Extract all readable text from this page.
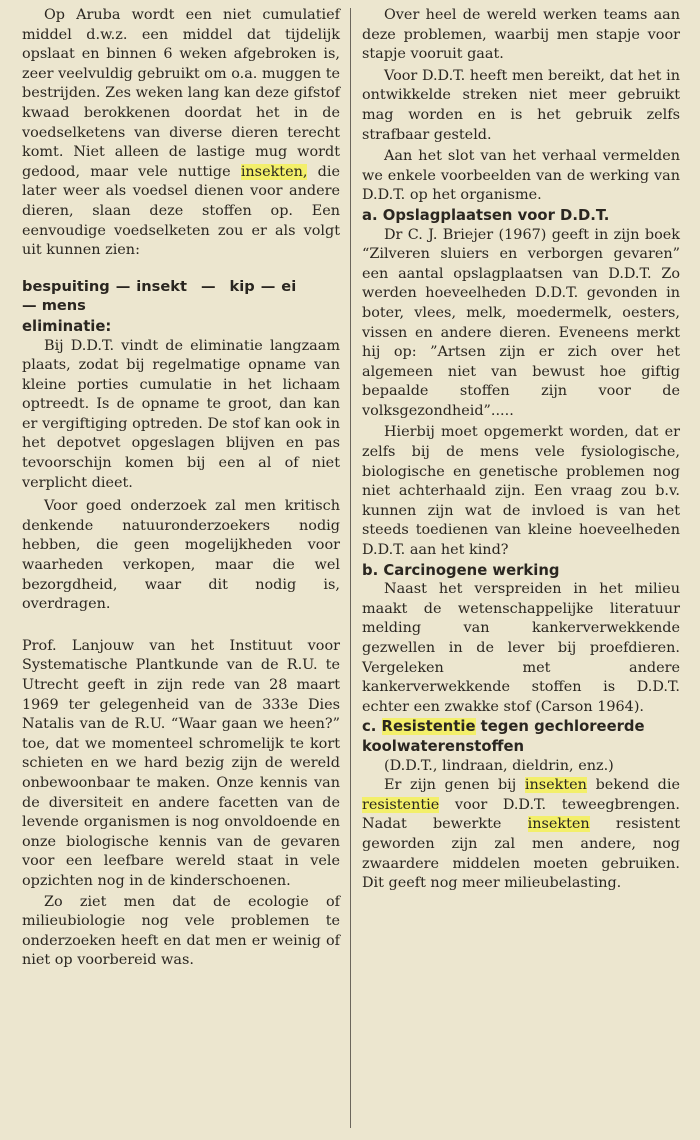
Op Aruba wordt een niet cumulatief middel d.w.z. een middel dat tijdelijk opslaat en binnen 6 weken afgebroken is, zeer veelvuldig gebruikt om o.a. muggen te bestrijden. Zes weken lang kan deze gifstof kwaad berokkenen doordat het in de voedselketens van diverse dieren terecht komt. Niet alleen de lastige mug wordt gedood, maar vele nuttige insekten, die later weer als voedsel dienen voor andere dieren, slaan deze stoffen op. Een eenvoudige voedselketen zou er als volgt uit kunnen zien:

bespuiting — insekt — kip — ei
— mens
eliminatie:

Bij D.D.T. vindt de eliminatie langzaam plaats, zodat bij regelmatige opname van kleine porties cumulatie in het lichaam optreedt. Is de opname te groot, dan kan er vergiftiging optreden. De stof kan ook in het depotvet opgeslagen blijven en pas tevoorschijn komen bij een al of niet verplicht dieet.

Voor goed onderzoek zal men kritisch denkende natuuronderzoekers nodig hebben, die geen mogelijkheden voor waarheden verkopen, maar die wel bezorgdheid, waar dit nodig is, overdragen.

Prof. Lanjouw van het Instituut voor Systematische Plantkunde van de R.U. te Utrecht geeft in zijn rede van 28 maart 1969 ter gelegenheid van de 333e Dies Natalis van de R.U. “Waar gaan we heen?” toe, dat we momenteel schromelijk te kort schieten en we hard bezig zijn de wereld onbewoonbaar te maken. Onze kennis van de diversiteit en andere facetten van de levende organismen is nog onvoldoende en onze biologische kennis van de gevaren voor een leefbare wereld staat in vele opzichten nog in de kinderschoenen.

Zo ziet men dat de ecologie of milieubiologie nog vele problemen te onderzoeken heeft en dat men er weinig of niet op voorbereid was.

Over heel de wereld werken teams aan deze problemen, waarbij men stapje voor stapje vooruit gaat.

Voor D.D.T. heeft men bereikt, dat het in ontwikkelde streken niet meer gebruikt mag worden en is het gebruik zelfs strafbaar gesteld.

Aan het slot van het verhaal vermelden we enkele voorbeelden van de werking van D.D.T. op het organisme.

a. Opslagplaatsen voor D.D.T.

Dr C. J. Briejer (1967) geeft in zijn boek “Zilveren sluiers en verborgen gevaren” een aantal opslagplaatsen van D.D.T. Zo werden hoeveelheden D.D.T. gevonden in boter, vlees, melk, moedermelk, oesters, vissen en andere dieren. Eveneens merkt hij op: ”Artsen zijn er zich over het algemeen niet van bewust hoe giftig bepaalde stoffen zijn voor de volksgezondheid”.....

Hierbij moet opgemerkt worden, dat er zelfs bij de mens vele fysiologische, biologische en genetische problemen nog niet achterhaald zijn. Een vraag zou b.v. kunnen zijn wat de invloed is van het steeds toedienen van kleine hoeveelheden D.D.T. aan het kind?

b. Carcinogene werking

Naast het verspreiden in het milieu maakt de wetenschappelijke literatuur melding van kankerverwekkende gezwellen in de lever bij proefdieren. Vergeleken met andere kankerverwekkende stoffen is D.D.T. echter een zwakke stof (Carson 1964).

c. Resistentie tegen gechloreerde koolwaterenstoffen

(D.D.T., lindraan, dieldrin, enz.)

Er zijn genen bij insekten bekend die resistentie voor D.D.T. teweegbrengen. Nadat bewerkte insekten resistent geworden zijn zal men andere, nog zwaardere middelen moeten gebruiken. Dit geeft nog meer milieubelasting.
